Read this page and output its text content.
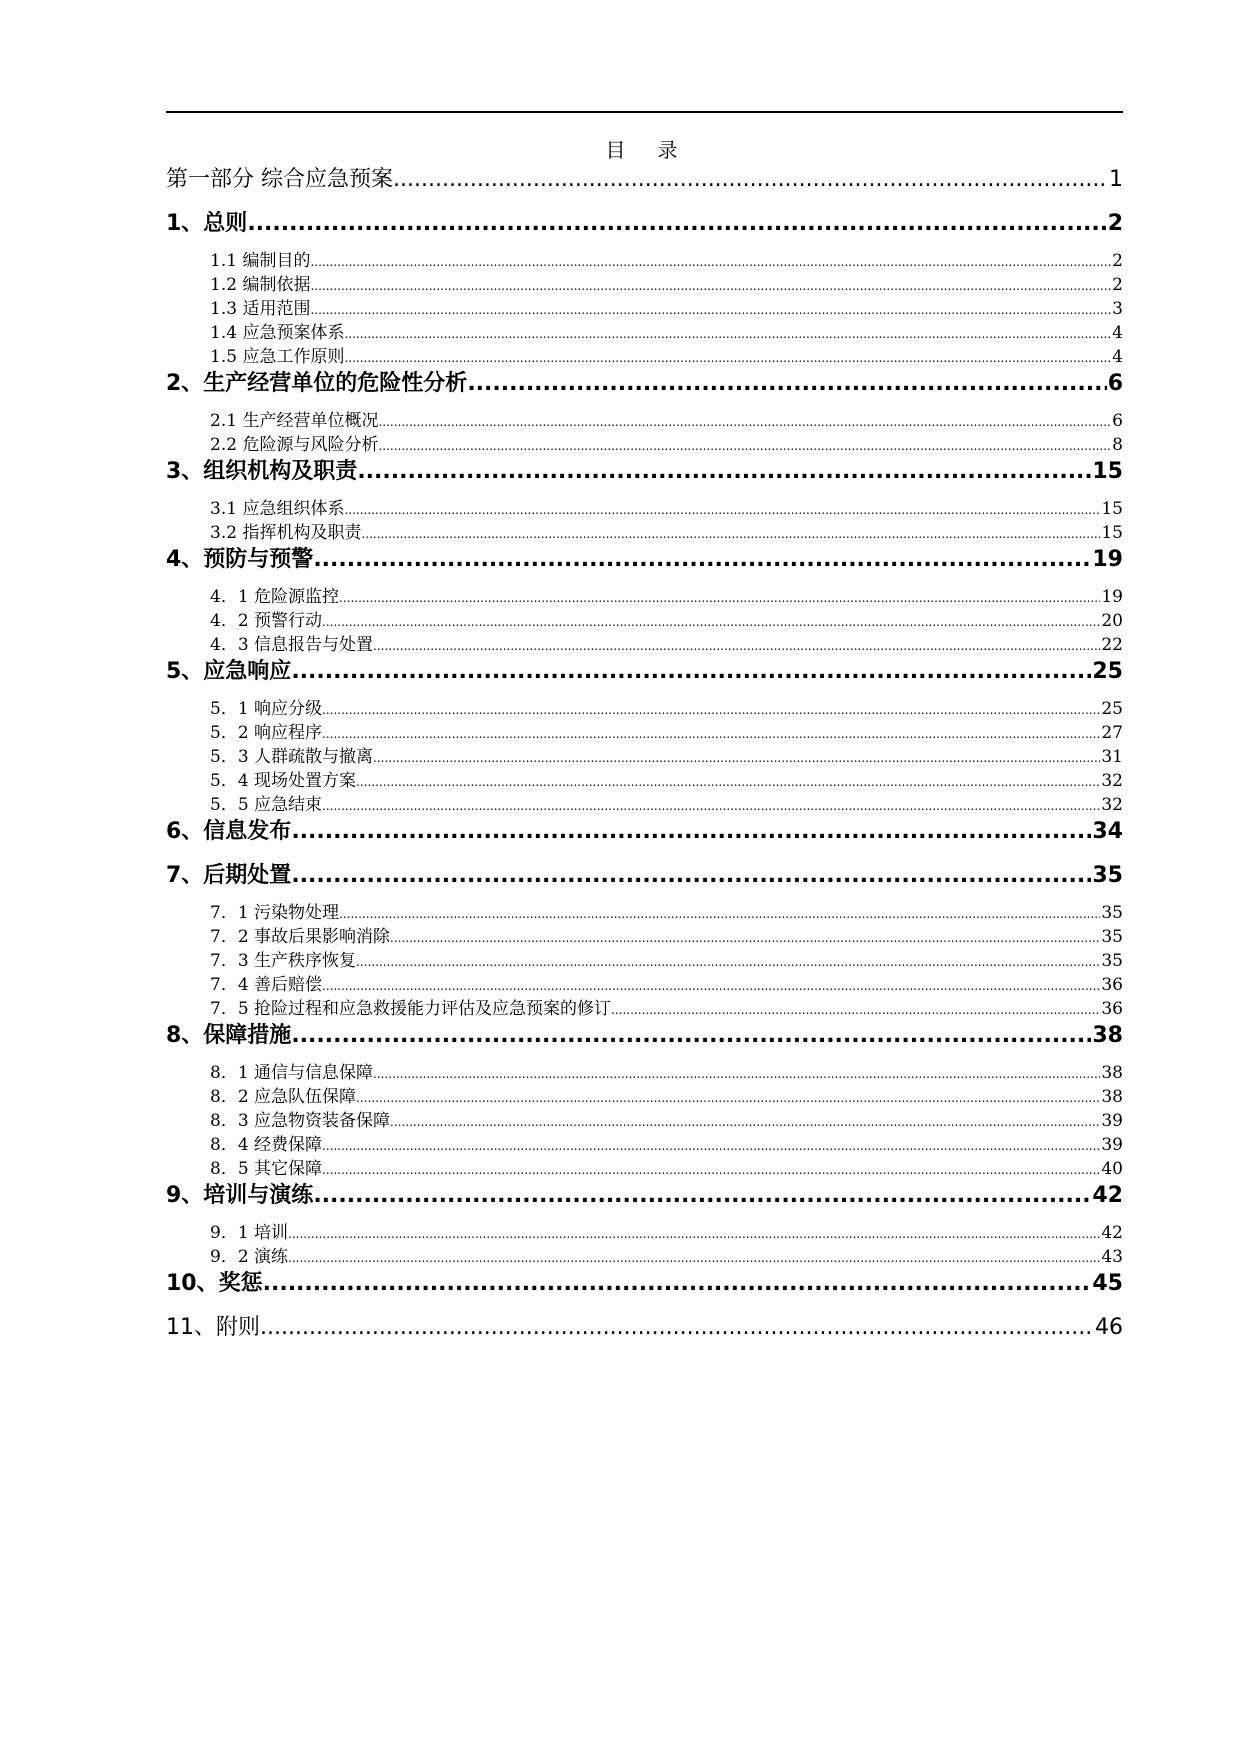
目　录
第一部分 综合应急预案 .....	1
1、总则 .....	2
1.1 编制目的 .....	2
1.2 编制依据 .....	2
1.3 适用范围 .....	3
1.4 应急预案体系 .....	4
1.5 应急工作原则 .....	4
2、生产经营单位的危险性分析 .....	6
2.1 生产经营单位概况 .....	6
2.2 危险源与风险分析 .....	8
3、组织机构及职责 .....	15
3.1 应急组织体系 .....	15
3.2 指挥机构及职责 .....	15
4、预防与预警 .....	19
4．1 危险源监控 .....	19
4．2 预警行动 .....	20
4．3 信息报告与处置 .....	22
5、应急响应 .....	25
5．1 响应分级 .....	25
5．2 响应程序 .....	27
5．3 人群疏散与撤离 .....	31
5．4 现场处置方案 .....	32
5．5 应急结束 .....	32
6、信息发布 .....	34
7、后期处置 .....	35
7．1 污染物处理 .....	35
7．2 事故后果影响消除 .....	35
7．3 生产秩序恢复 .....	35
7．4 善后赔偿 .....	36
7．5 抢险过程和应急救援能力评估及应急预案的修订 .....	36
8、保障措施 .....	38
8．1 通信与信息保障 .....	38
8．2 应急队伍保障 .....	38
8．3 应急物资装备保障 .....	39
8．4 经费保障 .....	39
8．5 其它保障 .....	40
9、培训与演练 .....	42
9．1 培训 .....	42
9．2 演练 .....	43
10、奖惩 .....	45
11、附则 .....	46
